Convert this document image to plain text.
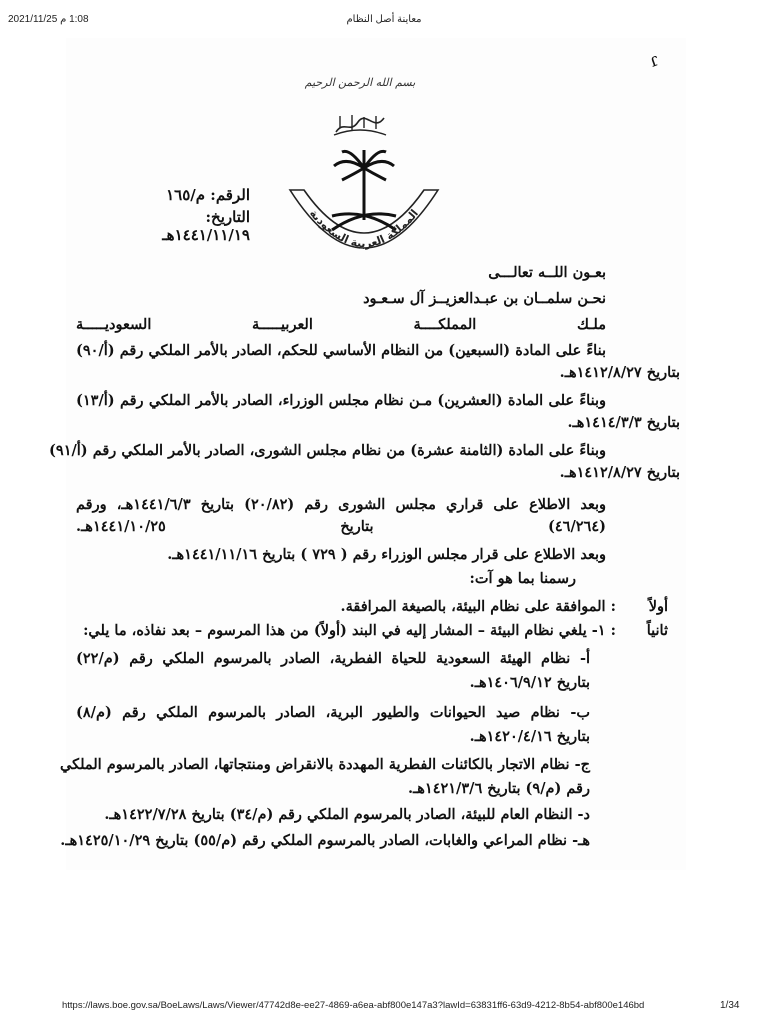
1:08 م 2021/11/25	معاينة أصل النظام
ɾ
بسم الله الرحمن الرحيم
المملكة العربية السعودية
الرقم: م/١٦٥
التاريخ: ١٤٤١/١١/١٩هـ
بعـون اللــه تعالـــى
نحـن سلمــان بن عبـدالعزيــز آل سـعـود
ملـك المملكــــة العربيـــــة السعوديـــــة
بناءً على المادة (السبعين) من النظام الأساسي للحكم، الصادر بالأمر الملكي رقم (أ/٩٠)
بتاريخ ١٤١٢/٨/٢٧هـ.
وبناءً على المادة (العشرين) مـن نظام مجلس الوزراء، الصادر بالأمر الملكي رقم (أ/١٣)
بتاريخ ١٤١٤/٣/٣هـ.
وبناءً على المادة (الثامنة عشرة) من نظام مجلس الشورى، الصادر بالأمر الملكي رقم (أ/٩١)
بتاريخ ١٤١٢/٨/٢٧هـ.
وبعد الاطلاع على قراري مجلس الشورى رقم (٢٠/٨٢) بتاريخ ١٤٤١/٦/٣هـ، ورقم
(٤٦/٢٦٤) بتاريخ ١٤٤١/١٠/٢٥هـ.
وبعد الاطلاع على قرار مجلس الوزراء رقم ( ٧٢٩ ) بتاريخ ١٤٤١/١١/١٦هـ.
رسمنا بما هو آت:
أولاً
: الموافقة على نظام البيئة، بالصيغة المرافقة.
ثانياً
: ١- يلغي نظام البيئة – المشار إليه في البند (أولاً) من هذا المرسوم – بعد نفاذه، ما يلي:
أ- نظام الهيئة السعودية للحياة الفطرية، الصادر بالمرسوم الملكي رقم (م/٢٢)
بتاريخ ١٤٠٦/٩/١٢هـ.
ب- نظام صيد الحيوانات والطيور البرية، الصادر بالمرسوم الملكي رقم (م/٨)
بتاريخ ١٤٢٠/٤/١٦هـ.
ج- نظام الاتجار بالكائنات الفطرية المهددة بالانقراض ومنتجاتها، الصادر بالمرسوم الملكي
رقم (م/٩) بتاريخ ١٤٢١/٣/٦هـ.
د- النظام العام للبيئة، الصادر بالمرسوم الملكي رقم (م/٣٤) بتاريخ ١٤٢٢/٧/٢٨هـ.
هـ- نظام المراعي والغابات، الصادر بالمرسوم الملكي رقم (م/٥٥) بتاريخ ١٤٢٥/١٠/٢٩هـ.
https://laws.boe.gov.sa/BoeLaws/Laws/Viewer/47742d8e-ee27-4869-a6ea-abf800e147a3?lawId=63831ff6-63d9-4212-8b54-abf800e146bd	1/34
